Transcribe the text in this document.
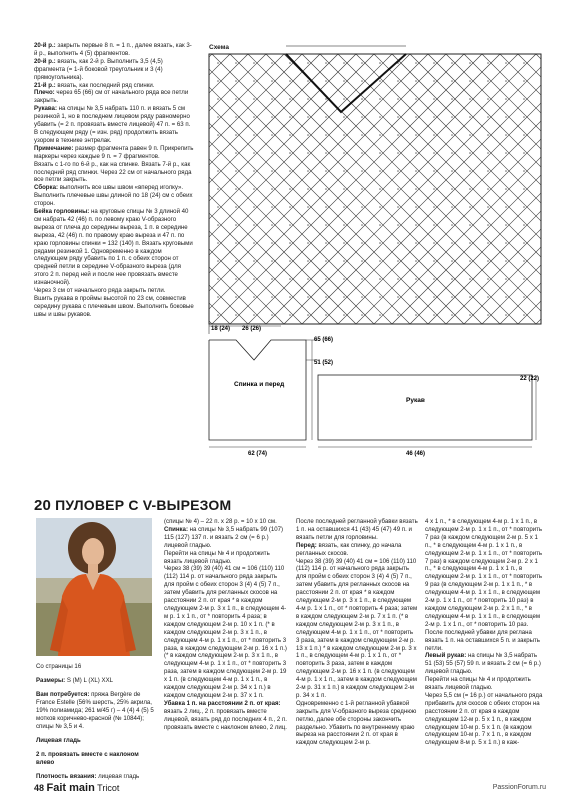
20-й р.: закрыть первые 8 п. = 1 п., далее вязать, как 3-й р., выполнить 4 (5) фрагментов.

20-й р.: вязать, как 2-й р. Выполнить 3,5 (4,5) фрагмента (= 1-й боковой треугольник и 3 (4) прямоугольника).

21-й р.: вязать, как последний ряд спинки.

Плечо: через 65 (66) см от начального ряда все петли закрыть.

Рукава: на спицы № 3,5 набрать 110 п. и вязать 5 см резинкой 1, но в последнем лицевом ряду равномерно убавить (= 2 п. провязать вместе лицевой) 47 п. = 63 п.

В следующем ряду (= изн. ряд) продолжить вязать узором в технике энтрелак.

Примечание: размер фрагмента равен 9 п. Прикрепить маркеры через каждые 9 п. = 7 фрагментов.

Вязать с 1-го по 6-й р., как на спинке. Вязать 7-й р., как последний ряд спинки. Через 22 см от начального ряда все петли закрыть.

Сборка: выполнить все швы швом «вперед иголку». Выполнить плечевые швы длиной по 18 (24) см с обеих сторон.

Бейка горловины: на круговые спицы № 3 длиной 40 см набрать 42 (46) п. по левому краю V-образного выреза от плеча до середины выреза, 1 п. в середине выреза, 42 (46) п. по правому краю выреза и 47 п. по краю горловины спинки = 132 (140) п. Вязать круговыми рядами резинкой 1. Одновременно в каждом следующем ряду убавить по 1 п. с обеих сторон от средней петли в середине V-образного выреза (для этого 2 п. перед ней и после нее провязать вместе изнаночной).

Через 3 см от начального ряда закрыть петли.

Вшить рукава в проймы высотой по 23 см, совместив середину рукава с плечевым швом. Выполнить боковые швы и швы рукавов.

Схема
18 (24) 26 (26)
65 (66)
51 (52)
Спинка и перед
62 (74)
Рукав
22 (22)
46 (46)
20 ПУЛОВЕР С V-ВЫРЕЗОМ

Со страницы 16

Размеры: S (M) L (XL) XXL

Вам потребуется: пряжа Bergère de France Estelle (56% шерсть, 25% акрила, 19% полиамида; 261 м/45 г) – 4 (4) 4 (5) 5 мотков коричнево-красной (№ 10844); спицы № 3,5 и 4.

Лицевая гладь

2 п. провязать вместе с наклоном влево

Плотность вязания: лицевая гладь

(спицы № 4) – 22 п. x 28 р. = 10 x 10 см.

Спинка: на спицы № 3,5 набрать 99 (107) 115 (127) 137 п. и вязать 2 см (= 6 р.) лицевой гладью.

Перейти на спицы № 4 и продолжить вязать лицевой гладью.

Через 38 (39) 39 (40) 41 см = 106 (110) 110 (112) 114 р. от начального ряда закрыть для пройм с обеих сторон 3 (4) 4 (5) 7 п., затем убавить для регланных скосов на расстоянии 2 п. от края * в каждом следующем 2-м р. 3 x 1 п., в следующем 4-м р. 1 x 1 п., от * повторить 4 раза; в каждом следующем 2-м р. 10 x 1 п. (* в каждом следующем 2-м р. 3 x 1 п., в следующем 4-м р. 1 x 1 п., от * повторить 3 раза, в каждом следующем 2-м р. 16 x 1 п.) (* в каждом следующем 2-м р. 3 x 1 п., в следующем 4-м р. 1 x 1 п., от * повторить 3 раза, затем в каждом следующем 2-м р. 19 x 1 п. (в следующем 4-м р. 1 x 1 п., в каждом следующем 2-м р. 34 x 1 п.) в каждом следующем 2-м р. 37 x 1 п.

Убавка 1 п. на расстоянии 2 п. от края: вязать 2 лиц., 2 п. провязать вместе лицевой, вязать ряд до последних 4 п., 2 п. провязать вместе с наклоном влево, 2 лиц.

После последней реглaнной убавки вязать 1 п. на оставшихся 41 (43) 45 (47) 49 п. и вязать петли для горловины.

Перед: вязать, как спинку, до начала регланных скосов.

Через 38 (39) 39 (40) 41 см = 106 (110) 110 (112) 114 р. от начального ряда закрыть для пройм с обеих сторон 3 (4) 4 (5) 7 п., затем убавить для регланных скосов на расстоянии 2 п. от края * в каждом следующем 2-м р. 3 x 1 п., в следующем 4-м р. 1 x 1 п., от * повторить 4 раза; затем в каждом следующем 2-м р. 7 x 1 п. (* в каждом следующем 2-м р. 3 x 1 п., в следующем 4-м р. 1 x 1 п., от * повторить 3 раза, затем в каждом следующем 2-м р. 13 x 1 п.) * в каждом следующем 2-м р. 3 x 1 п., в следующем 4-м р. 1 x 1 п., от * повторить 3 раза, затем в каждом следующем 2-м р. 16 x 1 п. (в следующем 4-м р. 1 x 1 п., затем в каждом следующем 2-м р. 31 x 1 п.) в каждом следующем 2-м р. 34 x 1 п.

Одновременно с 1-й реглaнной убавкой закрыть для V-образного выреза среднюю петлю, далее обе стороны закончить раздельно. Убавить по внутреннему краю выреза на расстоянии 2 п. от края в каждом следующем 2-м р.

4 x 1 п., * в следующем 4-м р. 1 x 1 п., в следующем 2-м р. 1 x 1 п., от * повторить 7 раз (в каждом следующем 2-м р. 5 x 1 п., * в следующем 4-м р. 1 x 1 п., в следующем 2-м р. 1 x 1 п., от * повторить 7 раз) в каждом следующем 2-м р. 2 x 1 п., * в следующем 4-м р. 1 x 1 п., в следующем 2-м р. 1 x 1 п., от * повторить 9 раз (в следующем 2-м р. 1 x 1 п., * в следующем 4-м р. 1 x 1 п., в следующем 2-м р. 1 x 1 п., от * повторить 10 раз) в каждом следующем 2-м р. 2 x 1 п., * в следующем 4-м р. 1 x 1 п., в следующем 2-м р. 1 x 1 п., от * повторить 10 раз.

После последней убавки для реглана вязать 1 п. на оставшихся 5 п. и закрыть петли.

Левый рукав: на спицы № 3,5 набрать 51 (53) 55 (57) 59 п. и вязать 2 см (= 6 р.) лицевой гладью.

Перейти на спицы № 4 и продолжить вязать лицевой гладью.

Через 5,5 см (= 16 р.) от начального ряда прибавить для скосов с обеих сторон на расстоянии 2 п. от края в каждом следующем 12-м р. 5 x 1 п., в каждом следующем 10-м р. 5 x 1 п. (в каждом следующем 10-м р. 7 x 1 п., в каждом следующем 8-м р. 5 x 1 п.) в каж-

48 Fait main Tricot	PassionForum.ru
